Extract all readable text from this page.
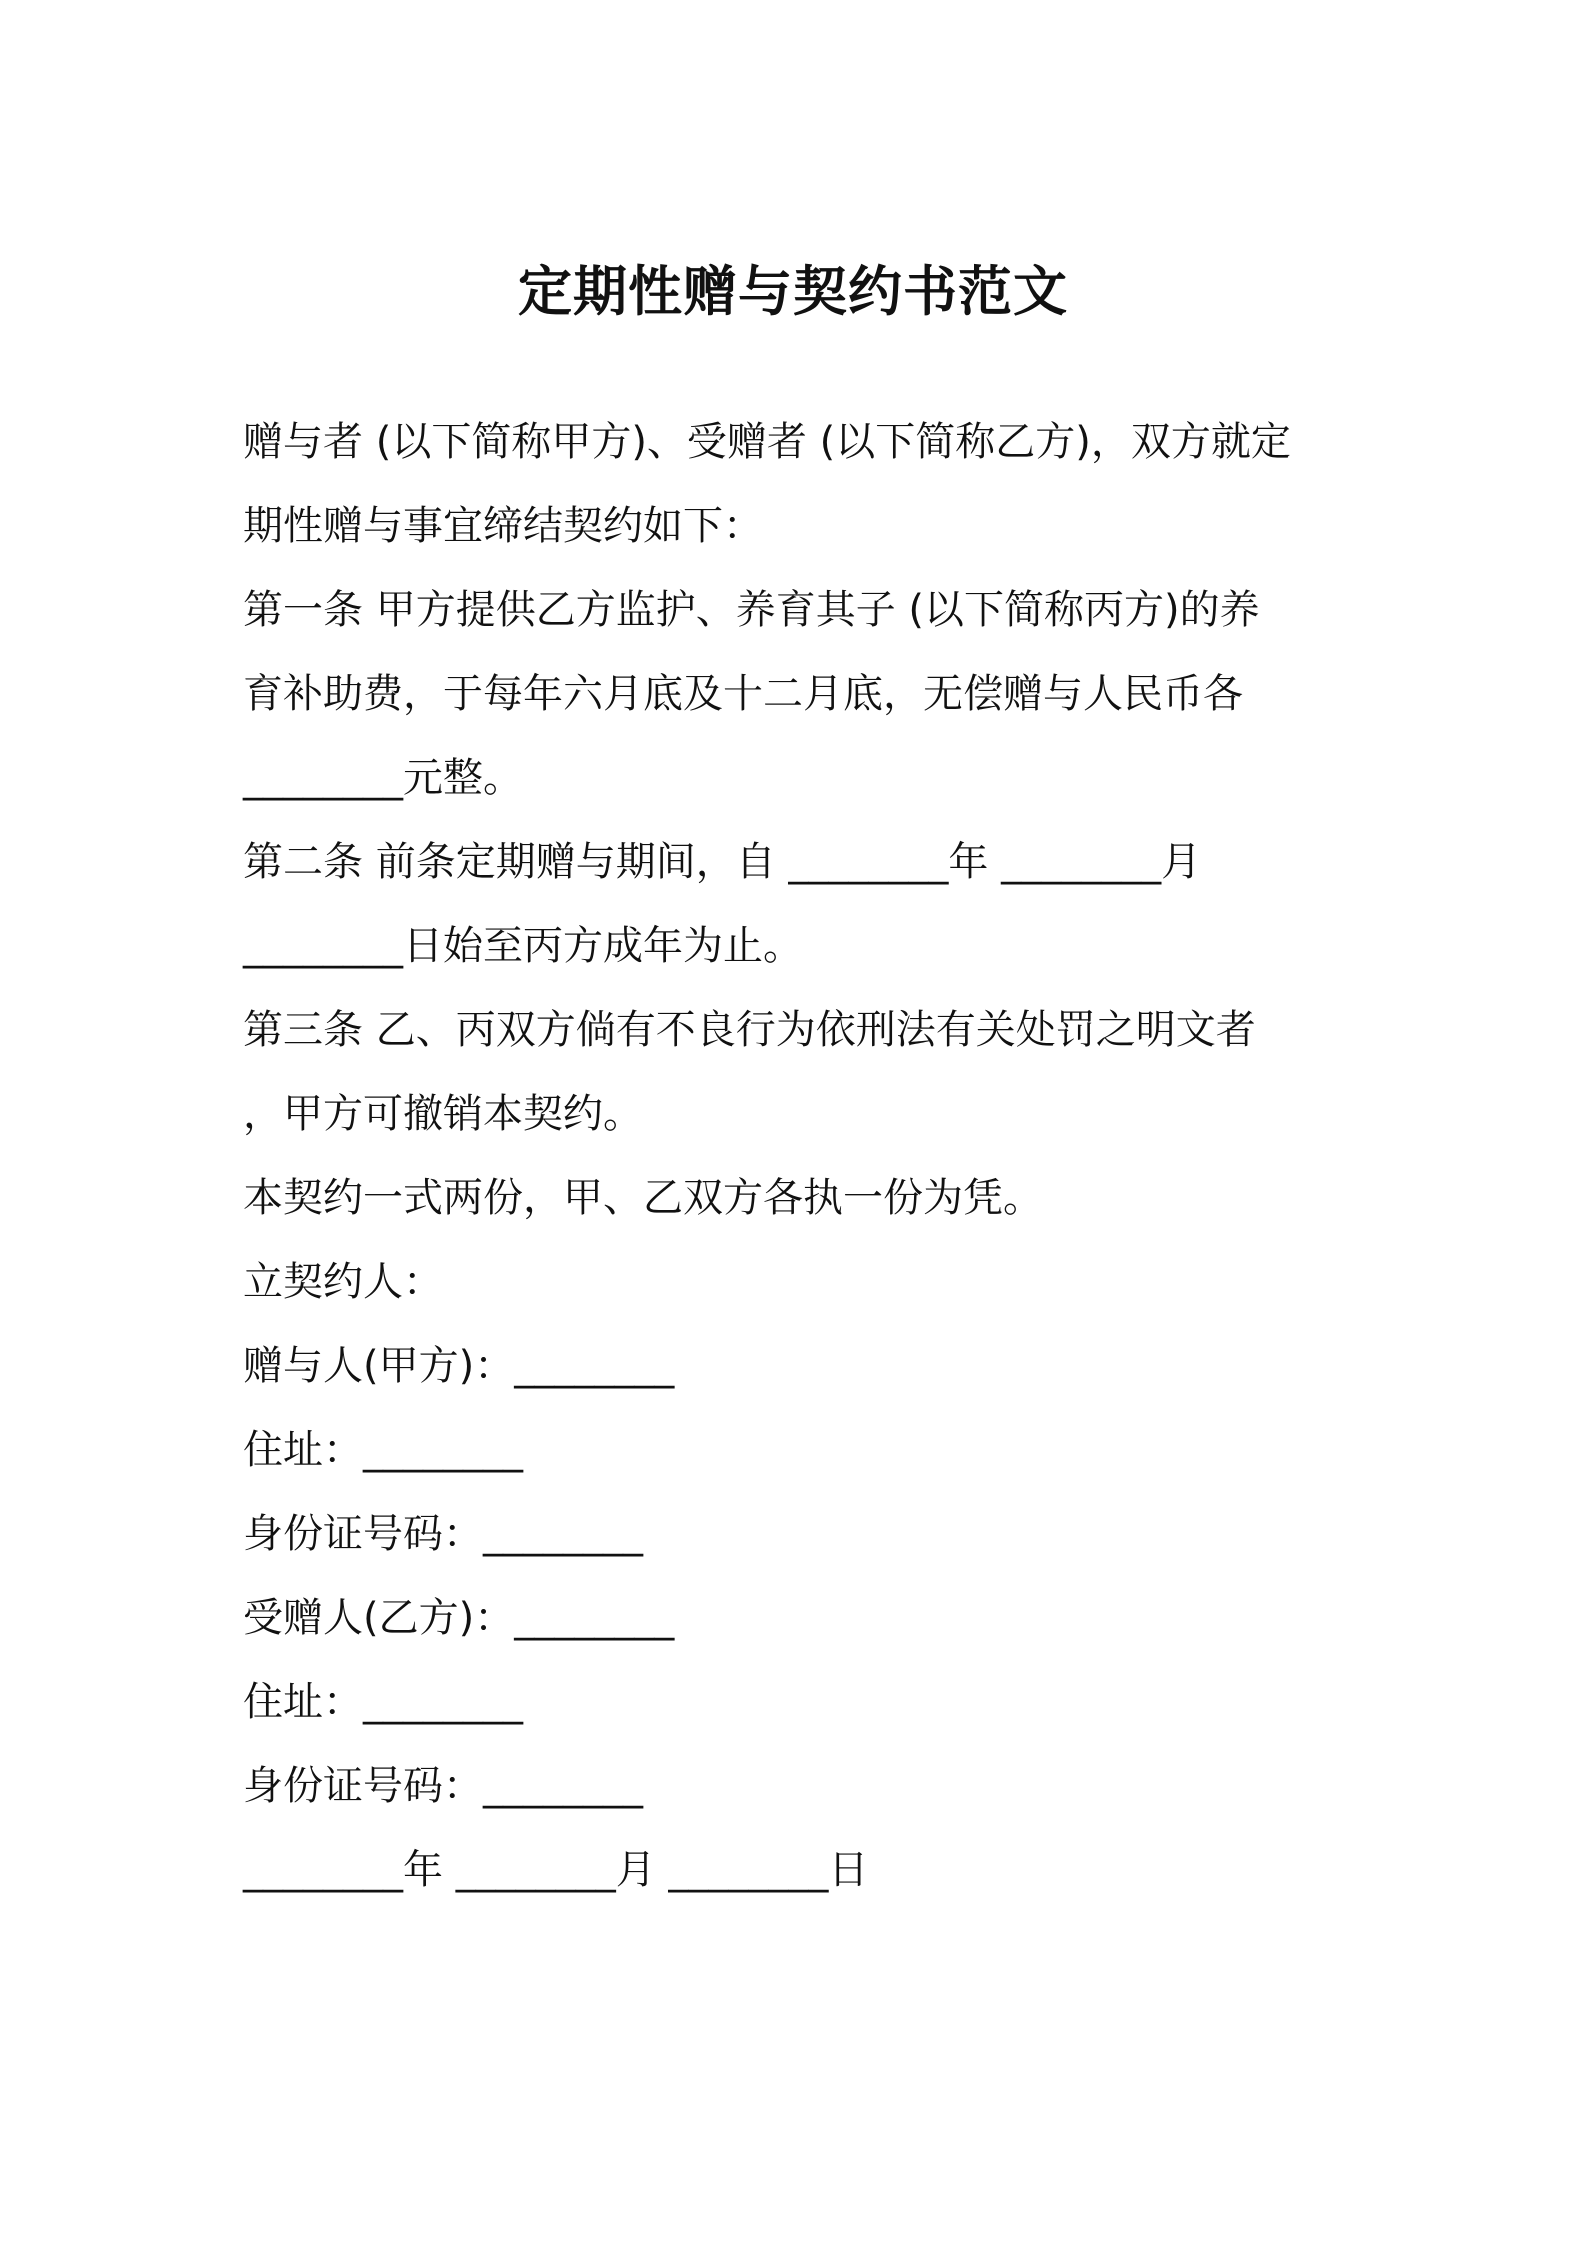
定期性赠与契约书范文
赠与者 (以下简称甲方)、受赠者 (以下简称乙方)，双方就定
期性赠与事宜缔结契约如下：
第一条 甲方提供乙方监护、养育其子 (以下简称丙方)的养
育补助费，于每年六月底及十二月底，无偿赠与人民币各
________元整。
第二条 前条定期赠与期间，自 ________年 ________月
________日始至丙方成年为止。
第三条 乙、丙双方倘有不良行为依刑法有关处罚之明文者
，甲方可撤销本契约。
本契约一式两份，甲、乙双方各执一份为凭。
立契约人：
赠与人(甲方)：________
住址：________
身份证号码：________
受赠人(乙方)：________
住址：________
身份证号码：________
________年 ________月 ________日
